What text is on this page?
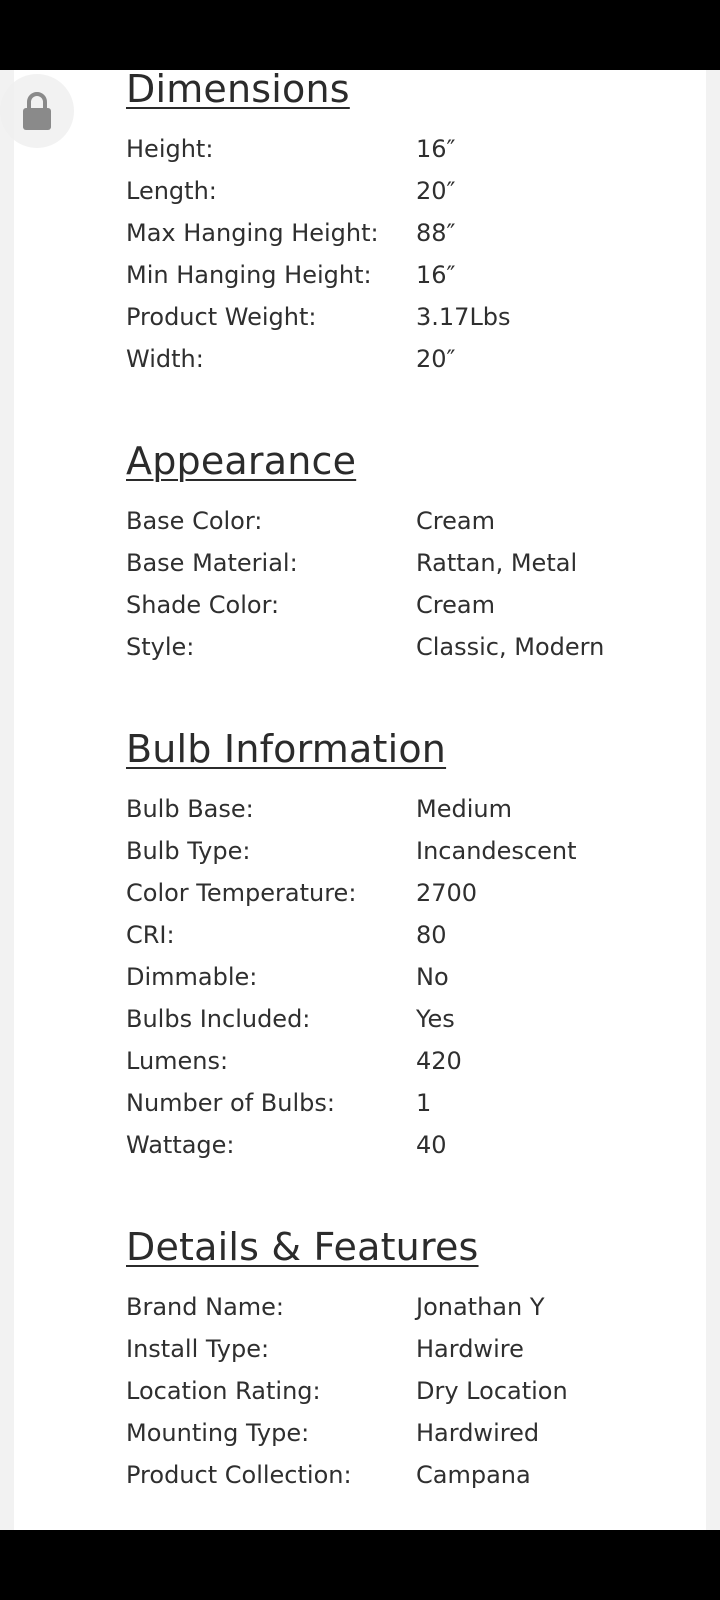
Dimensions
Height:	16″
Length:	20″
Max Hanging Height:	88″
Min Hanging Height:	16″
Product Weight:	3.17Lbs
Width:	20″
Appearance
Base Color:	Cream
Base Material:	Rattan, Metal
Shade Color:	Cream
Style:	Classic, Modern
Bulb Information
Bulb Base:	Medium
Bulb Type:	Incandescent
Color Temperature:	2700
CRI:	80
Dimmable:	No
Bulbs Included:	Yes
Lumens:	420
Number of Bulbs:	1
Wattage:	40
Details & Features
Brand Name:	Jonathan Y
Install Type:	Hardwire
Location Rating:	Dry Location
Mounting Type:	Hardwired
Product Collection:	Campana
